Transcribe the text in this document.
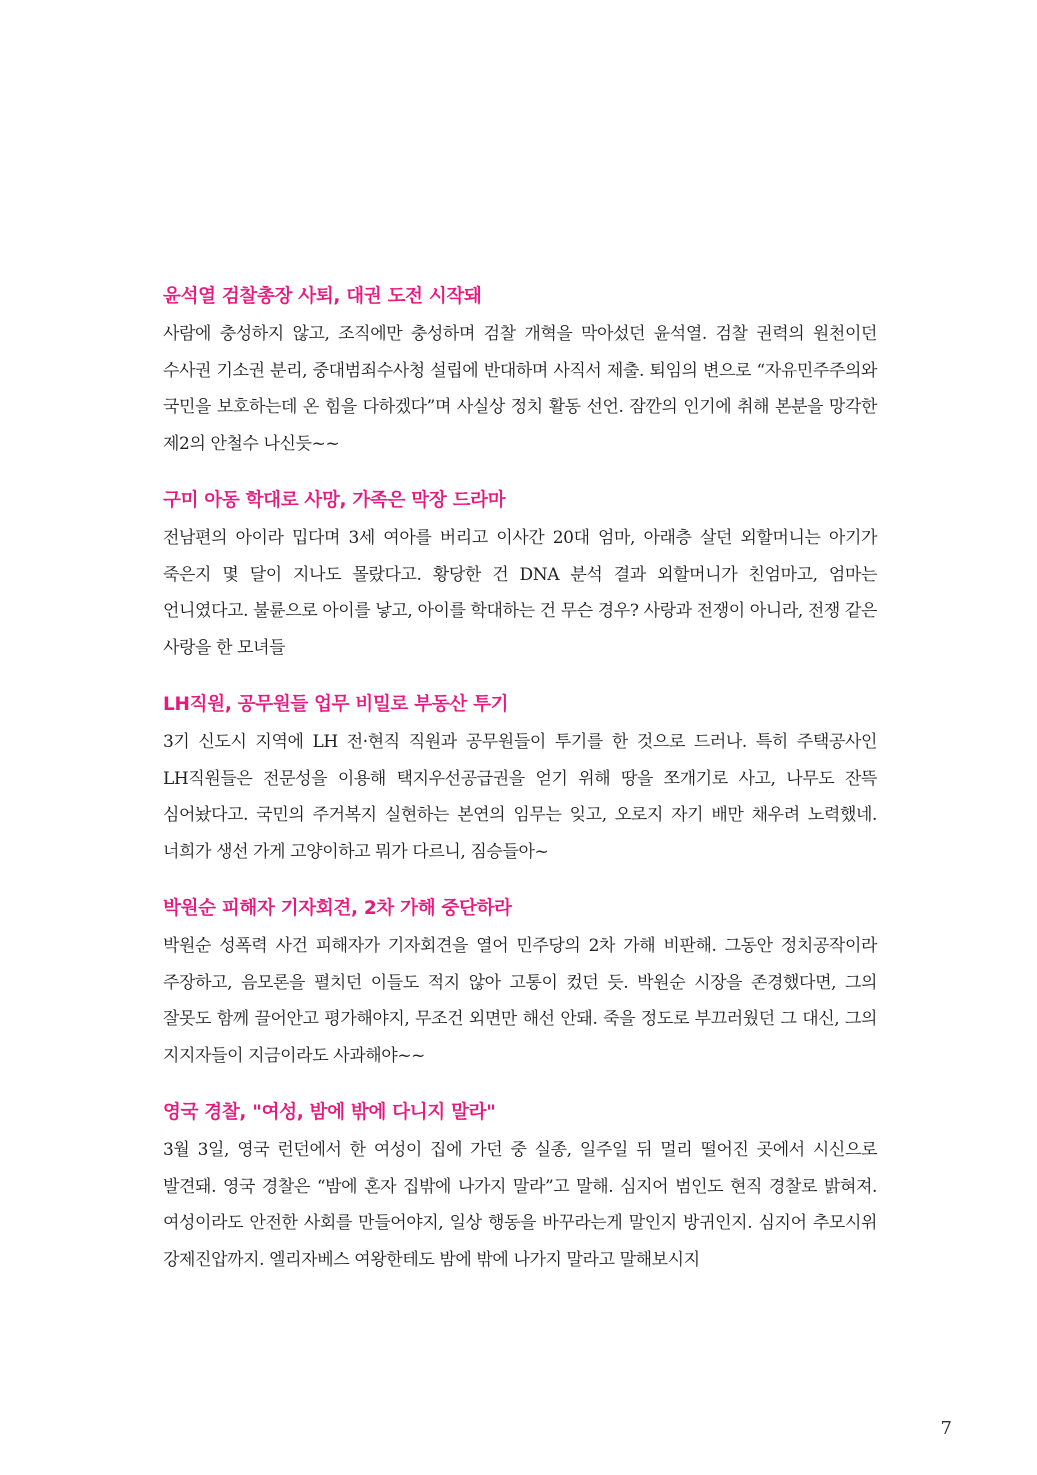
윤석열 검찰총장 사퇴, 대권 도전 시작돼

사람에 충성하지 않고, 조직에만 충성하며 검찰 개혁을 막아섰던 윤석열. 검찰 권력의 원천이던 수사권 기소권 분리, 중대범죄수사청 설립에 반대하며 사직서 제출. 퇴임의 변으로 “자유민주주의와 국민을 보호하는데 온 힘을 다하겠다”며 사실상 정치 활동 선언. 잠깐의 인기에 취해 본분을 망각한 제2의 안철수 나신듯~~

구미 아동 학대로 사망, 가족은 막장 드라마

전남편의 아이라 밉다며 3세 여아를 버리고 이사간 20대 엄마, 아래층 살던 외할머니는 아기가 죽은지 몇 달이 지나도 몰랐다고. 황당한 건 DNA 분석 결과 외할머니가 친엄마고, 엄마는 언니였다고. 불륜으로 아이를 낳고, 아이를 학대하는 건 무슨 경우? 사랑과 전쟁이 아니라, 전쟁 같은 사랑을 한 모녀들

LH직원, 공무원들 업무 비밀로 부동산 투기

3기 신도시 지역에 LH 전·현직 직원과 공무원들이 투기를 한 것으로 드러나. 특히 주택공사인 LH직원들은 전문성을 이용해 택지우선공급권을 얻기 위해 땅을 쪼개기로 사고, 나무도 잔뜩 심어놨다고. 국민의 주거복지 실현하는 본연의 임무는 잊고, 오로지 자기 배만 채우려 노력했네. 너희가 생선 가게 고양이하고 뭐가 다르니, 짐승들아~

박원순 피해자 기자회견, 2차 가해 중단하라

박원순 성폭력 사건 피해자가 기자회견을 열어 민주당의 2차 가해 비판해. 그동안 정치공작이라 주장하고, 음모론을 펼치던 이들도 적지 않아 고통이 컸던 듯. 박원순 시장을 존경했다면, 그의 잘못도 함께 끌어안고 평가해야지, 무조건 외면만 해선 안돼. 죽을 정도로 부끄러웠던 그 대신, 그의 지지자들이 지금이라도 사과해야~~

영국 경찰, "여성, 밤에 밖에 다니지 말라"

3월 3일, 영국 런던에서 한 여성이 집에 가던 중 실종, 일주일 뒤 멀리 떨어진 곳에서 시신으로 발견돼. 영국 경찰은 “밤에 혼자 집밖에 나가지 말라”고 말해. 심지어 범인도 현직 경찰로 밝혀져. 여성이라도 안전한 사회를 만들어야지, 일상 행동을 바꾸라는게 말인지 방귀인지. 심지어 추모시위 강제진압까지. 엘리자베스 여왕한테도 밤에 밖에 나가지 말라고 말해보시지

7
